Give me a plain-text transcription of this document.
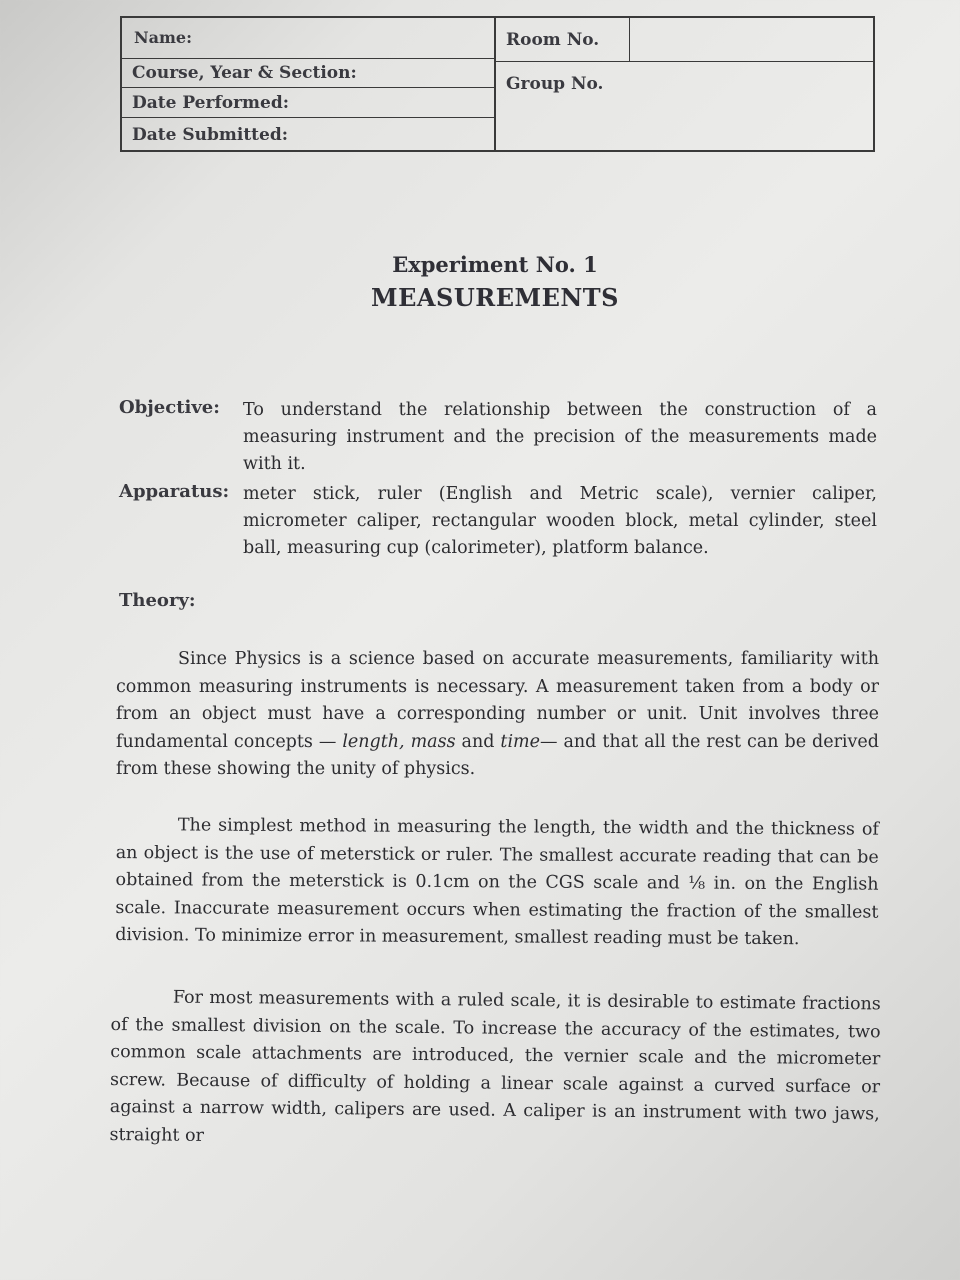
Name:
Course, Year & Section:
Date Performed:
Date Submitted:
Room No.
Group No.
Experiment No. 1
MEASUREMENTS
Objective: To understand the relationship between the construction of a measuring instrument and the precision of the measurements made with it.
Apparatus: meter stick, ruler (English and Metric scale), vernier caliper, micrometer caliper, rectangular wooden block, metal cylinder, steel ball, measuring cup (calorimeter), platform balance.
Theory:
Since Physics is a science based on accurate measurements, familiarity with common measuring instruments is necessary. A measurement taken from a body or from an object must have a corresponding number or unit. Unit involves three fundamental concepts — length, mass and time— and that all the rest can be derived from these showing the unity of physics.
The simplest method in measuring the length, the width and the thickness of an object is the use of meterstick or ruler. The smallest accurate reading that can be obtained from the meterstick is 0.1cm on the CGS scale and ⅛ in. on the English scale. Inaccurate measurement occurs when estimating the fraction of the smallest division. To minimize error in measurement, smallest reading must be taken.
For most measurements with a ruled scale, it is desirable to estimate fractions of the smallest division on the scale. To increase the accuracy of the estimates, two common scale attachments are introduced, the vernier scale and the micrometer screw. Because of difficulty of holding a linear scale against a curved surface or against a narrow width, calipers are used. A caliper is an instrument with two jaws, straight or
